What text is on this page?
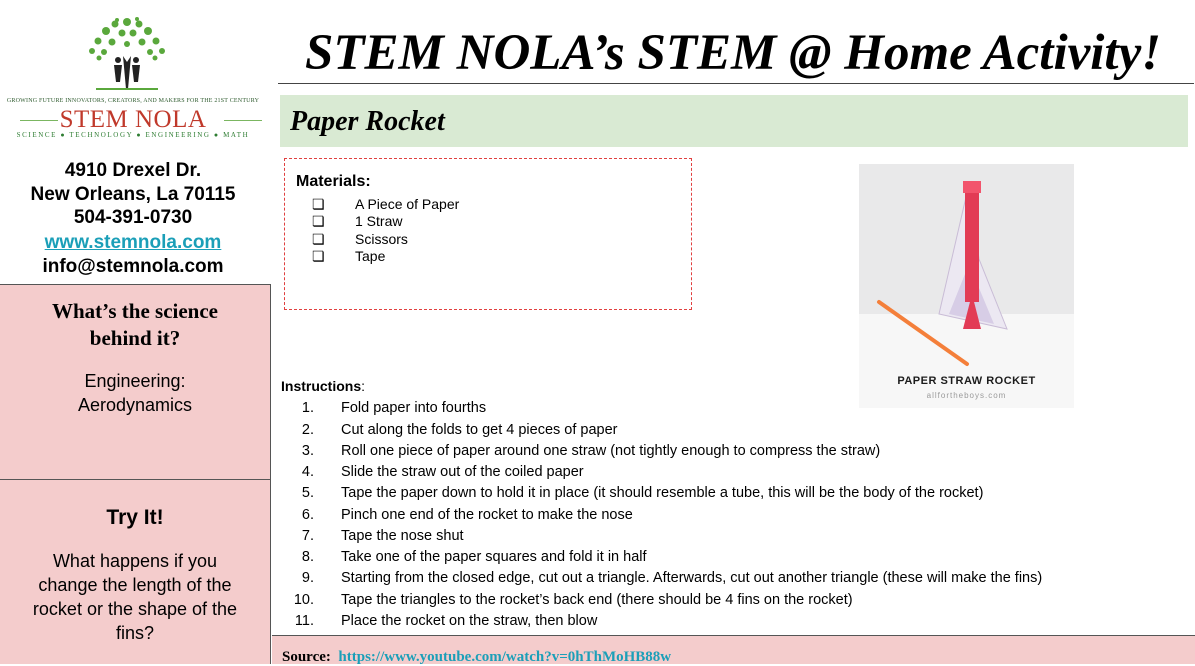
GROWING FUTURE INNOVATORS, CREATORS, AND MAKERS FOR THE 21ST CENTURY
STEM NOLA
SCIENCE ● TECHNOLOGY ● ENGINEERING ● MATH
4910 Drexel Dr.
New Orleans, La 70115
504-391-0730
www.stemnola.com
info@stemnola.com
What’s the science
behind it?
Engineering:
Aerodynamics
Try It!
What happens if you
change the length of the
rocket or the shape of the
fins?
STEM NOLA’s STEM @ Home Activity!
Paper Rocket
Materials:
❏ A Piece of Paper
❏ 1 Straw
❏ Scissors
❏ Tape
PAPER STRAW ROCKET
allfortheboys.com
Instructions:
1. Fold paper into fourths
2. Cut along the folds to get 4 pieces of paper
3. Roll one piece of paper around one straw (not tightly enough to compress the straw)
4. Slide the straw out of the coiled paper
5. Tape the paper down to hold it in place (it should resemble a tube, this will be the body of the rocket)
6. Pinch one end of the rocket to make the nose
7. Tape the nose shut
8. Take one of the paper squares and fold it in half
9. Starting from the closed edge, cut out a triangle. Afterwards, cut out another triangle (these will make the fins)
10. Tape the triangles to the rocket’s back end (there should be 4 fins on the rocket)
11. Place the rocket on the straw, then blow
Source: https://www.youtube.com/watch?v=0hThMoHB88w
